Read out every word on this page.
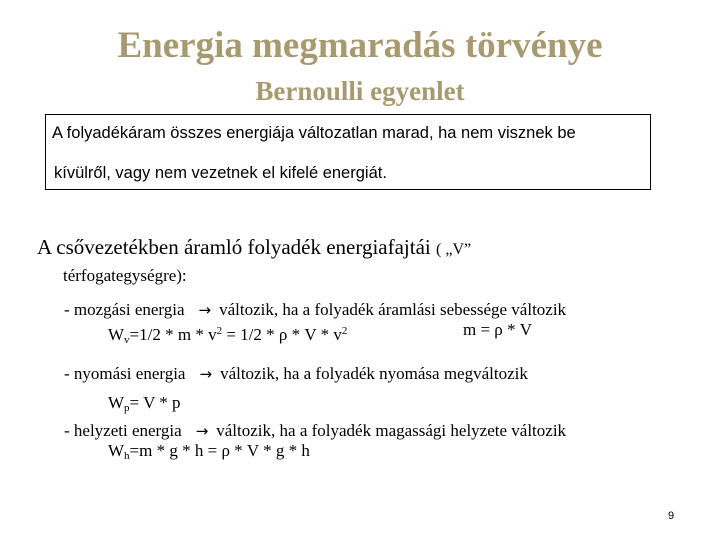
Energia megmaradás törvénye
Bernoulli egyenlet
A folyadékáram összes energiája változatlan marad, ha nem visznek be
kívülről, vagy nem vezetnek el kifelé energiát.
A csővezetékben áramló folyadék energiafajtái ( „V”
térfogategységre):
- mozgási energia → változik, ha a folyadék áramlási sebessége változik
m = ρ * V
$W_v=1/2 * m * v^2 = 1/2 * \rho * V * v^2$
- nyomási energia → változik, ha a folyadék nyomása megváltozik
$W_p= V * p$
- helyzeti energia → változik, ha a folyadék magassági helyzete változik
$W_h=m * g * h = \rho * V * g * h$
9
